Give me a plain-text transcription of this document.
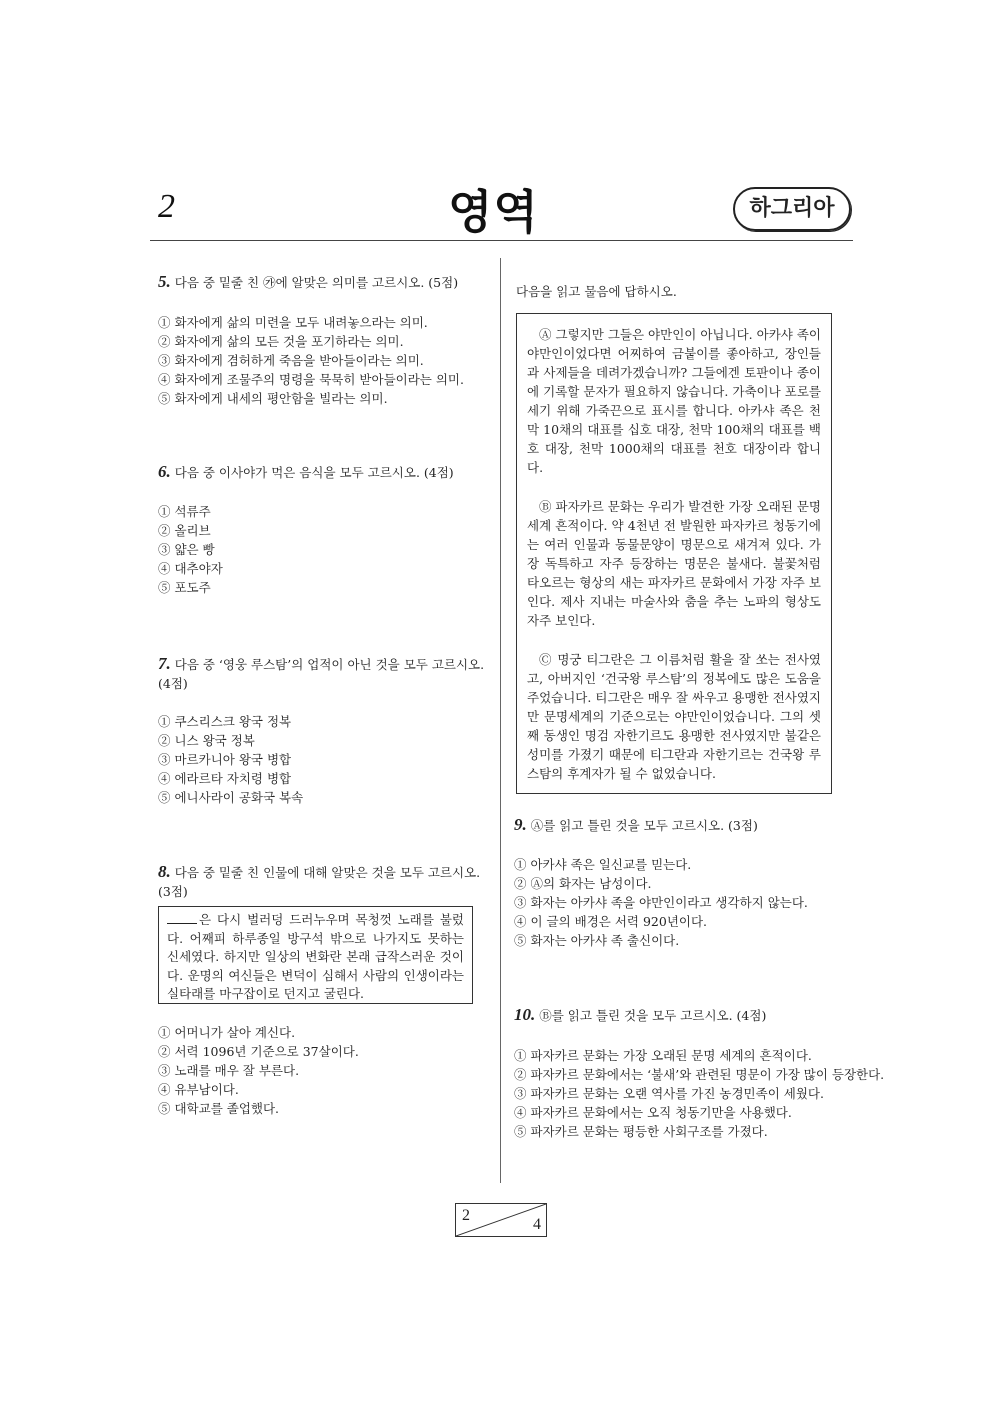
2	영역	하그리아

5. 다음 중 밑줄 친 ㉮에 알맞은 의미를 고르시오. (5점)

① 화자에게 삶의 미련을 모두 내려놓으라는 의미.
② 화자에게 삶의 모든 것을 포기하라는 의미.
③ 화자에게 겸허하게 죽음을 받아들이라는 의미.
④ 화자에게 조물주의 명령을 묵묵히 받아들이라는 의미.
⑤ 화자에게 내세의 평안함을 빌라는 의미.

6. 다음 중 이사야가 먹은 음식을 모두 고르시오. (4점)

① 석류주
② 올리브
③ 얇은 빵
④ 대추야자
⑤ 포도주

7. 다음 중 ‘영웅 루스탐’의 업적이 아닌 것을 모두 고르시오. (4점)

① 쿠스리스크 왕국 정복
② 니스 왕국 정복
③ 마르카니아 왕국 병합
④ 에라르타 자치령 병합
⑤ 에니사라이 공화국 복속

8. 다음 중 밑줄 친 인물에 대해 알맞은 것을 모두 고르시오. (3점)

은 다시 벌러덩 드러누우며 목청껏 노래를 불렀다. 어째피 하루종일 방구석 밖으로 나가지도 못하는 신세였다. 하지만 일상의 변화란 본래 급작스러운 것이다. 운명의 여신들은 변덕이 심해서 사람의 인생이라는 실타래를 마구잡이로 던지고 굴린다.
① 어머니가 살아 계신다.
② 서력 1096년 기준으로 37살이다.
③ 노래를 매우 잘 부른다.
④ 유부남이다.
⑤ 대학교를 졸업했다.
다음을 읽고 물음에 답하시오.

Ⓐ 그렇지만 그들은 야만인이 아닙니다. 아카샤 족이 야만인이었다면 어찌하여 금붙이를 좋아하고, 장인들과 사제들을 데려가겠습니까? 그들에겐 토판이나 종이에 기록할 문자가 필요하지 않습니다. 가축이나 포로를 세기 위해 가죽끈으로 표시를 합니다. 아카샤 족은 천막 10채의 대표를 십호 대장, 천막 100채의 대표를 백호 대장, 천막 1000채의 대표를 천호 대장이라 합니다.

Ⓑ 파자카르 문화는 우리가 발견한 가장 오래된 문명세계 흔적이다. 약 4천년 전 발원한 파자카르 청동기에는 여러 인물과 동물문양이 명문으로 새겨져 있다. 가장 독특하고 자주 등장하는 명문은 불새다. 불꽃처럼 타오르는 형상의 새는 파자카르 문화에서 가장 자주 보인다. 제사 지내는 마술사와 춤을 추는 노파의 형상도 자주 보인다.

Ⓒ 명궁 티그란은 그 이름처럼 활을 잘 쏘는 전사였고, 아버지인 ‘건국왕 루스탐’의 정복에도 많은 도움을 주었습니다. 티그란은 매우 잘 싸우고 용맹한 전사였지만 문명세계의 기준으로는 야만인이었습니다. 그의 셋째 동생인 명검 자한기르도 용맹한 전사였지만 불같은 성미를 가졌기 때문에 티그란과 자한기르는 건국왕 루스탐의 후계자가 될 수 없었습니다.

9. Ⓐ를 읽고 틀린 것을 모두 고르시오. (3점)

① 아카샤 족은 일신교를 믿는다.
② Ⓐ의 화자는 남성이다.
③ 화자는 아카샤 족을 야만인이라고 생각하지 않는다.
④ 이 글의 배경은 서력 920년이다.
⑤ 화자는 아카샤 족 출신이다.

10. Ⓑ를 읽고 틀린 것을 모두 고르시오. (4점)

① 파자카르 문화는 가장 오래된 문명 세계의 흔적이다.
② 파자카르 문화에서는 ‘불새’와 관련된 명문이 가장 많이 등장한다.
③ 파자카르 문화는 오랜 역사를 가진 농경민족이 세웠다.
④ 파자카르 문화에서는 오직 청동기만을 사용했다.
⑤ 파자카르 문화는 평등한 사회구조를 가졌다.
2
4
